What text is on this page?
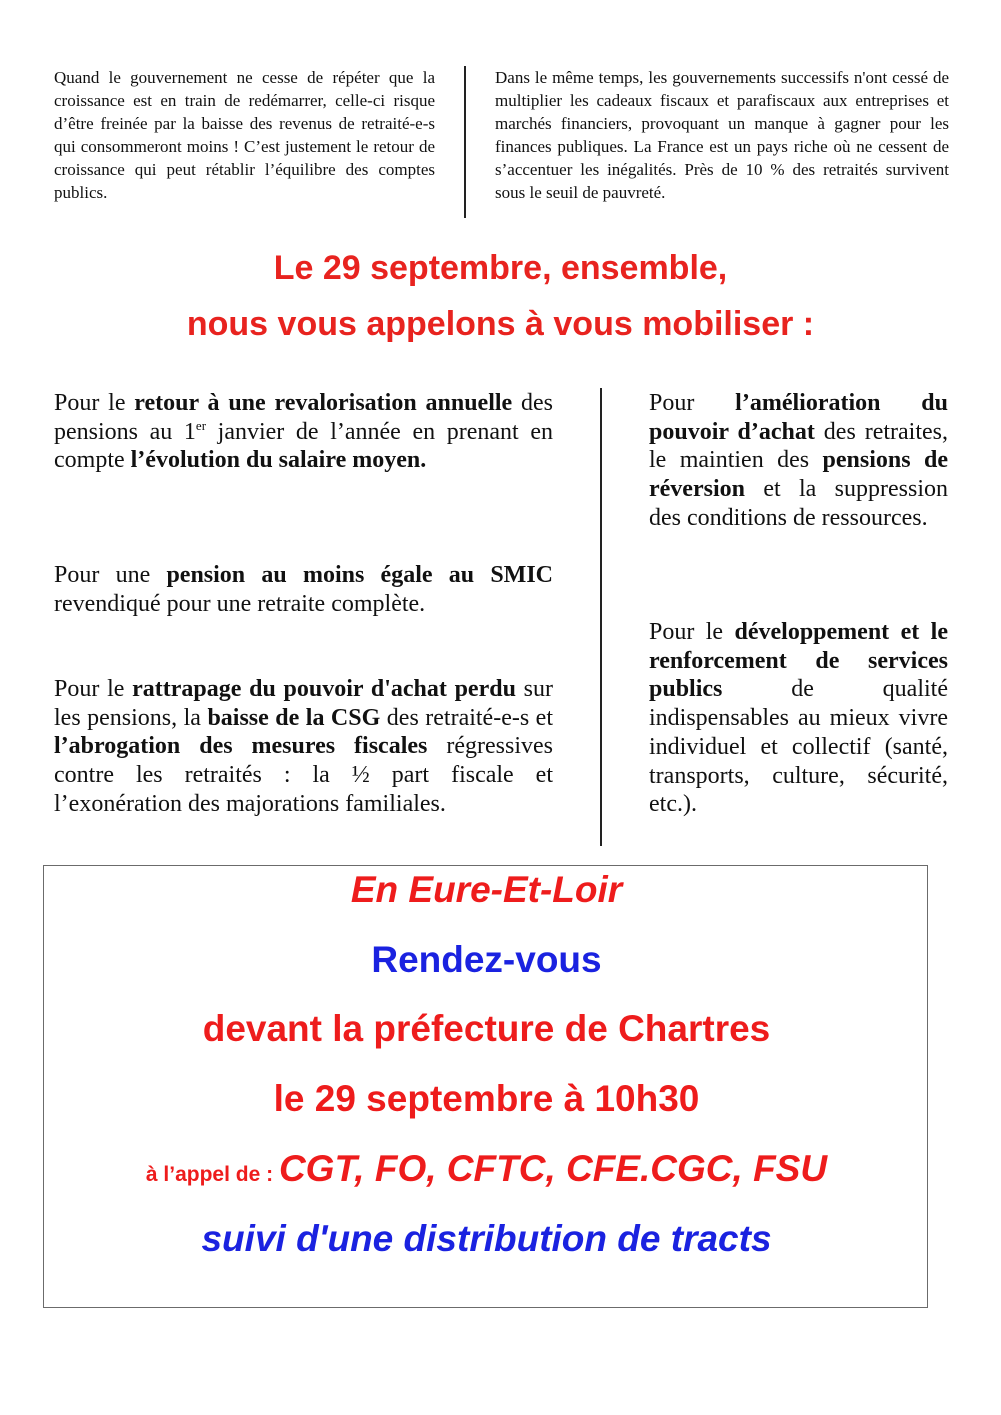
Quand le gouvernement ne cesse de répéter que la croissance est en train de redémarrer, celle-ci risque d’être freinée par la baisse des revenus de retraité-e-s qui consommeront moins ! C’est justement le retour de croissance qui peut rétablir l’équilibre des comptes publics.
Dans le même temps, les gouvernements successifs n'ont cessé de multiplier les cadeaux fiscaux et parafiscaux aux entreprises et marchés financiers, provoquant un manque à gagner pour les finances publiques. La France est un pays riche où ne cessent de s’accentuer les inégalités. Près de 10 % des retraités survivent sous le seuil de pauvreté.
Le 29 septembre, ensemble,
nous vous appelons à vous mobiliser :
Pour le retour à une revalorisation annuelle des pensions au 1er janvier de l’année en prenant en compte l’évolution du salaire moyen.
Pour une pension au moins égale au SMIC revendiqué pour une retraite complète.
Pour le rattrapage du pouvoir d'achat perdu sur les pensions, la baisse de la CSG des retraité-e-s et l’abrogation des mesures fiscales régressives contre les retraités : la ½ part fiscale et l’exonération des majorations familiales.
Pour l’amélioration du pouvoir d’achat des retraites, le maintien des pensions de réversion et la suppression des conditions de ressources.
Pour le développement et le renforcement de services publics de qualité indispensables au mieux vivre individuel et collectif (santé, transports, culture, sécurité, etc.).
En Eure-Et-Loir
Rendez-vous
devant la préfecture de Chartres
le 29 septembre à 10h30
à l’appel de : CGT, FO, CFTC, CFE.CGC, FSU
suivi d'une distribution de tracts
